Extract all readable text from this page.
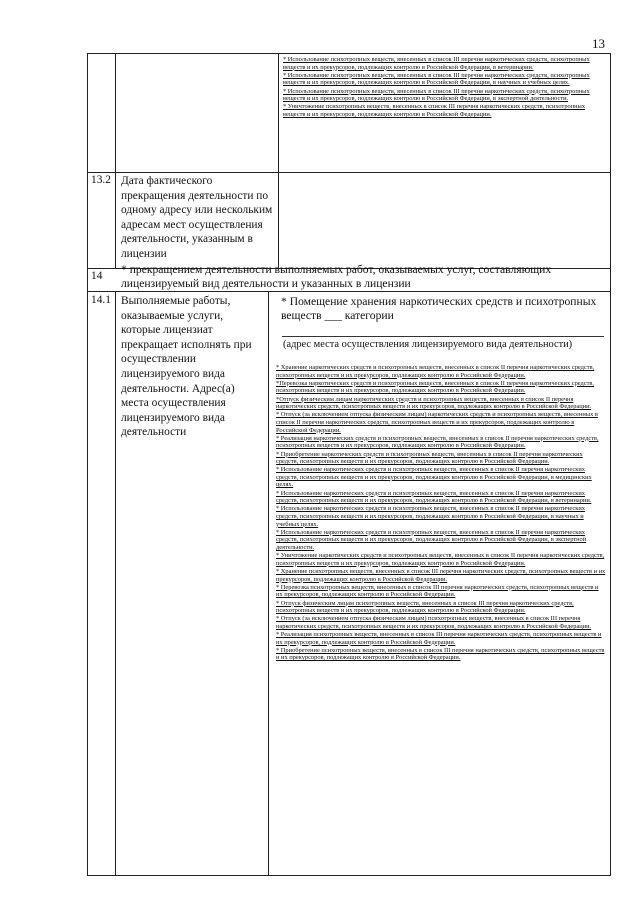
13

* Использование психотропных веществ, внесенных в список III перечня наркотических средств, психотропных веществ и их прекурсоров, подлежащих контролю в Российской Федерации, в ветеринарии.

* Использование психотропных веществ, внесенных в список III перечня наркотических средств, психотропных веществ и их прекурсоров, подлежащих контролю в Российской Федерации, в научных и учебных целях.

* Использование психотропных веществ, внесенных в список III перечня наркотических средств, психотропных веществ и их прекурсоров, подлежащих контролю в Российской Федерации, в экспертной деятельности.

* Уничтожение психотропных веществ, внесенных в список III перечня наркотических средств, психотропных веществ и их прекурсоров, подлежащих контролю в Российской Федерации.

13.2 Дата фактического прекращения деятельности по одному адресу или нескольким адресам мест осуществления деятельности, указанным в лицензии
14 * прекращением деятельности выполняемых работ, оказываемых услуг, составляющих лицензируемый вид деятельности и указанных в лицензии
14.1 Выполняемые работы, оказываемые услуги, которые лицензиат прекращает исполнять при осуществлении лицензируемого вида деятельности. Адрес(а) места осуществления лицензируемого вида деятельности
* Помещение хранения наркотических средств и психотропных веществ ___ категории
(адрес места осуществления лицензируемого вида деятельности)

* Хранение наркотических средств и психотропных веществ, внесенных в список II перечня наркотических средств, психотропных веществ и их прекурсоров, подлежащих контролю в Российской Федерации.

*Перевозка наркотических средств и психотропных веществ, внесенных в список II перечня наркотических средств, психотропных веществ и их прекурсоров, подлежащих контролю в Российской Федерации.

*Отпуск физическим лицам наркотических средств и психотропных веществ, внесенных в список II перечня наркотических средств, психотропных веществ и их прекурсоров, подлежащих контролю в Российской Федерации.

* Отпуск (за исключением отпуска физическим лицам) наркотических средств и психотропных веществ, внесенных в список II перечня наркотических средств, психотропных веществ и их прекурсоров, подлежащих контролю в Российской Федерации.

* Реализация наркотических средств и психотропных веществ, внесенных в список II перечня наркотических средств, психотропных веществ и их прекурсоров, подлежащих контролю в Российской Федерации.

* Приобретение наркотических средств и психотропных веществ, внесенных в список II перечня наркотических средств, психотропных веществ и их прекурсоров, подлежащих контролю в Российской Федерации.

* Использование наркотических средств и психотропных веществ, внесенных в список II перечня наркотических средств, психотропных веществ и их прекурсоров, подлежащих контролю в Российской Федерации, в медицинских целях.

* Использование наркотических средств и психотропных веществ, внесенных в список II перечня наркотических средств, психотропных веществ и их прекурсоров, подлежащих контролю в Российской Федерации, в ветеринарии.

* Использование наркотических средств и психотропных веществ, внесенных в список II перечня наркотических средств, психотропных веществ и их прекурсоров, подлежащих контролю в Российской Федерации, в научных и учебных целях.

* Использование наркотических средств и психотропных веществ, внесенных в список II перечня наркотических средств, психотропных веществ и их прекурсоров, подлежащих контролю в Российской Федерации, в экспертной деятельности.

* Уничтожение наркотических средств и психотропных веществ, внесенных в список II перечня наркотических средств, психотропных веществ и их прекурсоров, подлежащих контролю в Российской Федерации.

* Хранение психотропных веществ, внесенных в список III перечня наркотических средств, психотропных веществ и их прекурсоров, подлежащих контролю в Российской Федерации.

* Перевозка психотропных веществ, внесенных в список III перечня наркотических средств, психотропных веществ и их прекурсоров, подлежащих контролю в Российской Федерации.

* Отпуск физическим лицам психотропных веществ, внесенных в список III перечня наркотических средств, психотропных веществ и их прекурсоров, подлежащих контролю в Российской Федерации.

* Отпуск (за исключением отпуска физическим лицам) психотропных веществ, внесенных в список III перечня наркотических средств, психотропных веществ и их прекурсоров, подлежащих контролю в Российской Федерации.

* Реализация психотропных веществ, внесенных в список III перечня наркотических средств, психотропных веществ и их прекурсоров, подлежащих контролю в Российской Федерации.

* Приобретение психотропных веществ, внесенных в список III перечня наркотических средств, психотропных веществ и их прекурсоров, подлежащих контролю в Российской Федерации.
